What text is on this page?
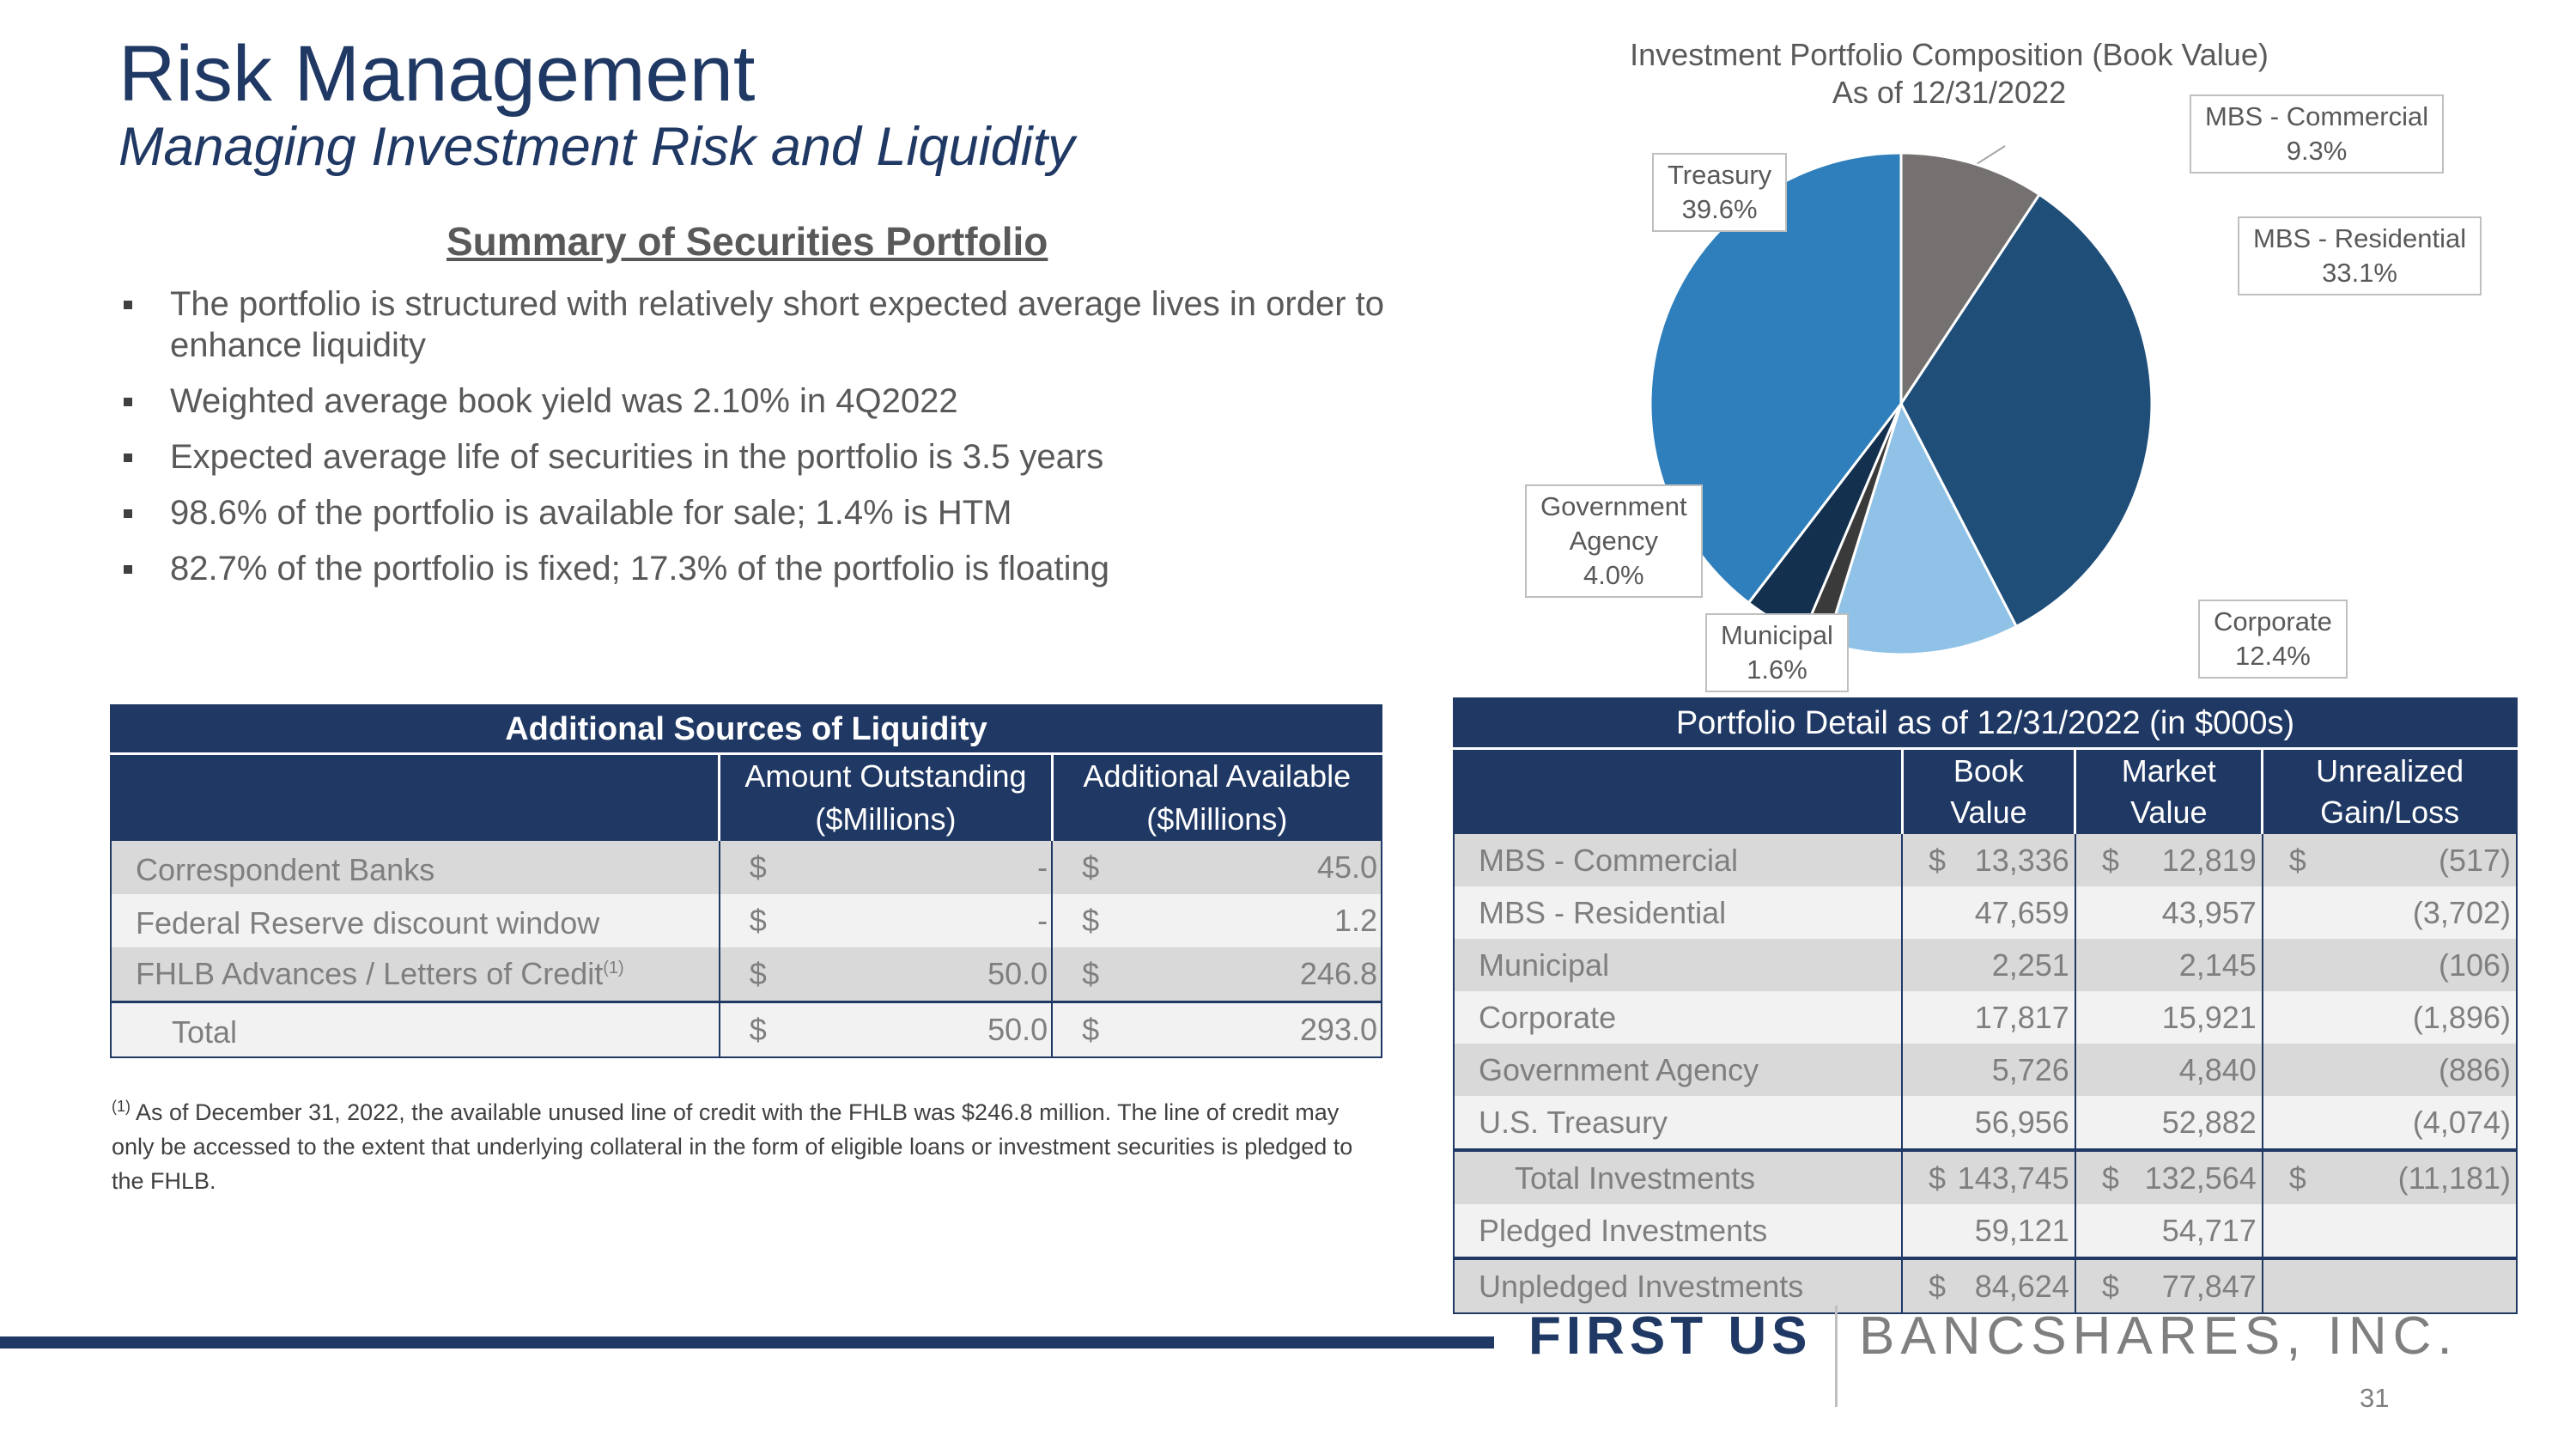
Risk Management
Managing Investment Risk and Liquidity
Summary of Securities Portfolio
The portfolio is structured with relatively short expected average lives in order to enhance liquidity
Weighted average book yield was 2.10% in 4Q2022
Expected average life of securities in the portfolio is 3.5 years
98.6% of the portfolio is available for sale; 1.4% is HTM
82.7% of the portfolio is fixed; 17.3% of the portfolio is floating
Additional Sources of Liquidity				
	Amount Outstanding ($Millions)		Additional Available ($Millions)	
Correspondent Banks	$	-	$	45.0
Federal Reserve discount window	$	-	$	1.2
FHLB Advances / Letters of Credit$^{(1)}$	$	50.0	$	246.8
Total	$	50.0	$	293.0
$^{(1)}$ As of December 31, 2022, the available unused line of credit with the FHLB was $246.8 million. The line of credit may only be accessed to the extent that underlying collateral in the form of eligible loans or investment securities is pledged to the FHLB.
Investment Portfolio Composition (Book Value)
As of 12/31/2022
MBS - Commercial
9.3%
MBS - Residential
33.1%
Corporate
12.4%
Municipal
1.6%
Government
Agency
4.0%
Treasury
39.6%
Portfolio Detail as of 12/31/2022 (in $000s)						
	Book Value		Market Value		Unrealized Gain/Loss	
MBS - Commercial	$	13,336	$	12,819	$	(517)
MBS - Residential		47,659		43,957		(3,702)
Municipal		2,251		2,145		(106)
Corporate		17,817		15,921		(1,896)
Government Agency		5,726		4,840		(886)
U.S. Treasury		56,956		52,882		(4,074)
Total Investments	$	143,745	$	132,564	$	(11,181)
Pledged Investments		59,121		54,717		
Unpledged Investments	$	84,624	$	77,847		
FIRST US BANCSHARES, INC.
31
